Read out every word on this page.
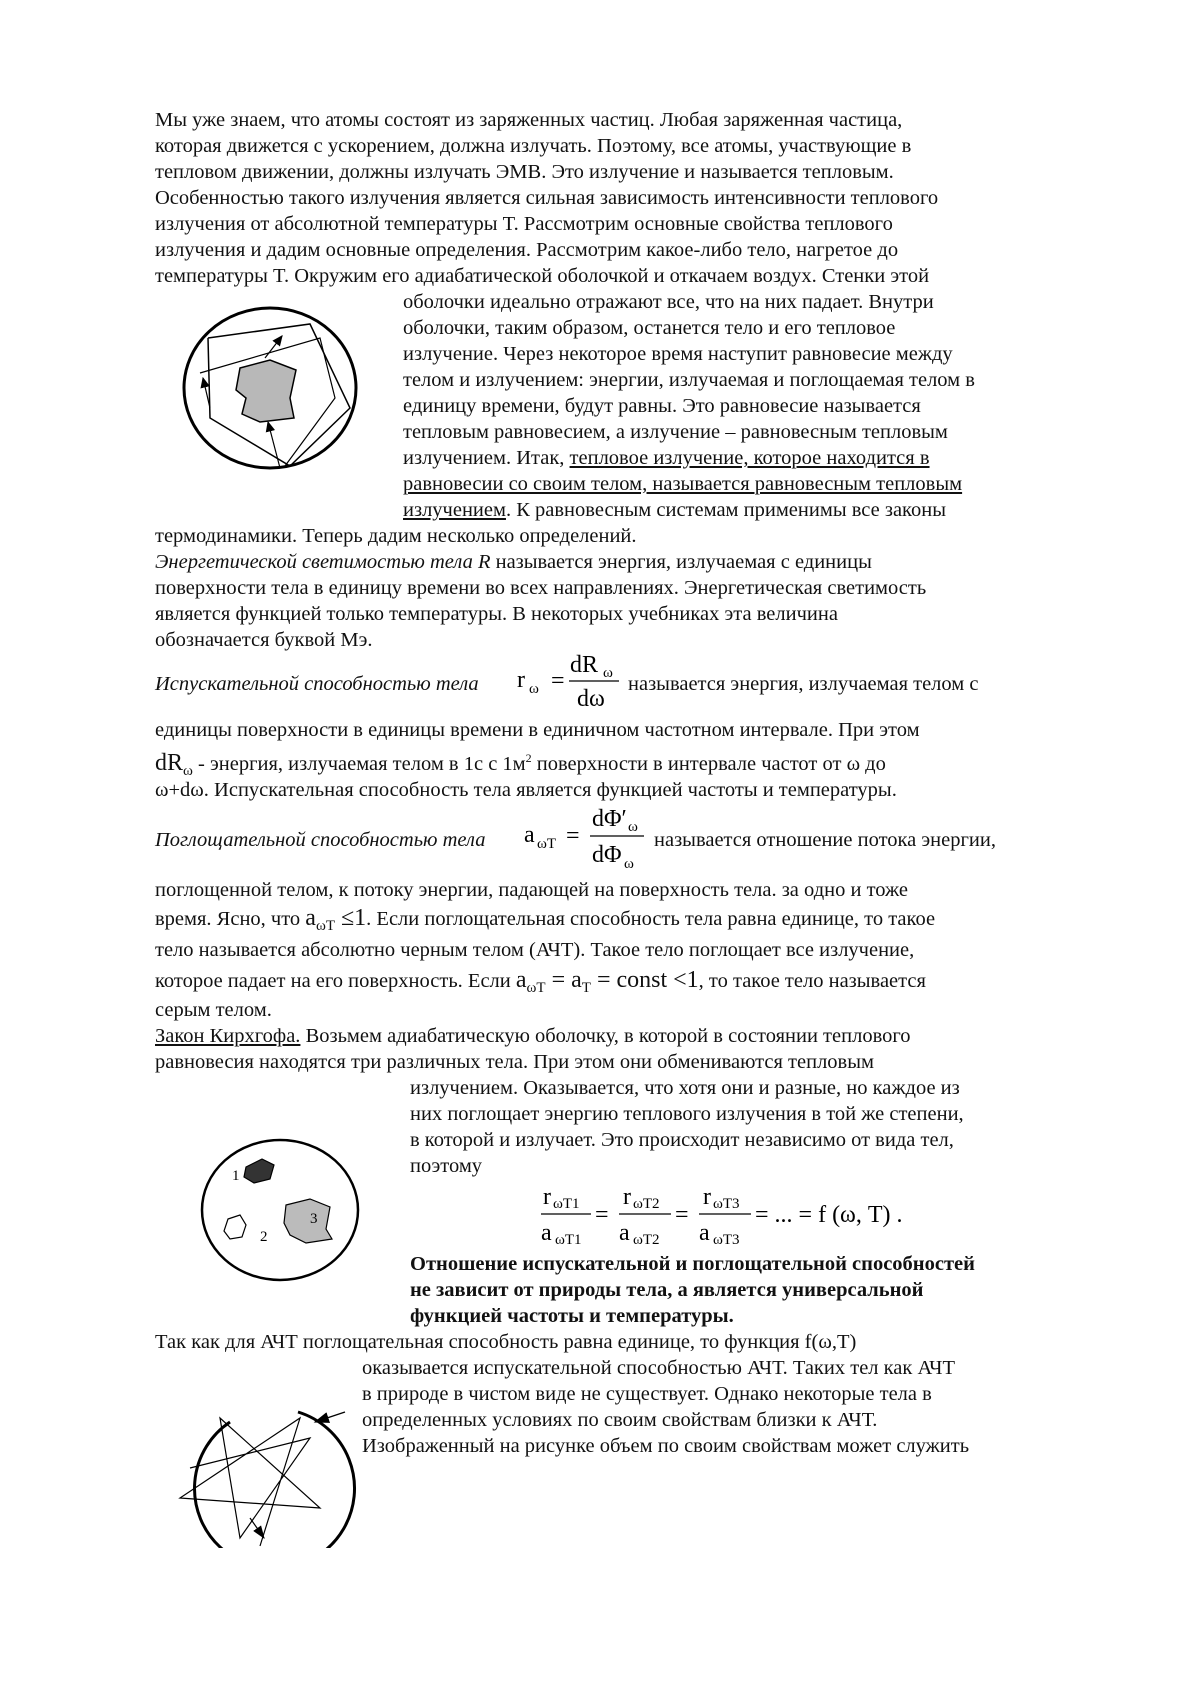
Мы уже знаем, что атомы состоят из заряженных частиц. Любая заряженная частица,
которая движется с ускорением, должна излучать. Поэтому, все атомы, участвующие в
тепловом движении, должны излучать ЭМВ. Это излучение и называется тепловым.
Особенностью такого излучения является сильная зависимость интенсивности теплового
излучения от абсолютной температуры T. Рассмотрим основные свойства теплового
излучения и дадим основные определения. Рассмотрим какое-либо тело, нагретое до
температуры T. Окружим его адиабатической оболочкой и откачаем воздух. Стенки этой
оболочки идеально отражают все, что на них падает. Внутри
оболочки, таким образом, останется тело и его тепловое
излучение. Через некоторое время наступит равновесие между
телом и излучением: энергии, излучаемая и поглощаемая телом в
единицу времени, будут равны. Это равновесие называется
тепловым равновесием, а излучение – равновесным тепловым
излучением. Итак, тепловое излучение, которое находится в
равновесии со своим телом, называется равновесным тепловым
излучением. К равновесным системам применимы все законы
термодинамики. Теперь дадим несколько определений.
Энергетической светимостью тела R называется энергия, излучаемая с единицы
поверхности тела в единицу времени во всех направлениях. Энергетическая светимость
является функцией только температуры. В некоторых учебниках эта величина
обозначается буквой Mэ.
Испускательной способностью тела r ω =
dR ω
dω
называется энергия, излучаемая телом с
единицы поверхности в единицы времени в единичном частотном интервале. При этом
$dR_\omega$ - энергия, излучаемая телом в 1с с $1м^2$ поверхности в интервале частот от ω до
ω+dω. Испускательная способность тела является функцией частоты и температуры.
Поглощательной способностью тела a ωT =
dΦ′ ω
dΦ ω
называется отношение потока энергии,
поглощенной телом, к потоку энергии, падающей на поверхность тела. за одно и тоже
время. Ясно, что $a_{\omega T} \le 1$. Если поглощательная способность тела равна единице, то такое
тело называется абсолютно черным телом (АЧТ). Такое тело поглощает все излучение,
которое падает на его поверхность. Если $a_{\omega T} = a_T$ = const <1, то такое тело называется
серым телом.
Закон Кирхгофа. Возьмем адиабатическую оболочку, в которой в состоянии теплового
равновесия находятся три различных тела. При этом они обмениваются тепловым
излучением. Оказывается, что хотя они и разные, но каждое из
них поглощает энергию теплового излучения в той же степени,
в которой и излучает. Это происходит независимо от вида тел,
поэтому
1
2
3
r ωT1
a ωT1
=
r ωT2
a ωT2
=
r ωT3
a ωT3
= ... = f (ω, T) .
Отношение испускательной и поглощательной способностей
не зависит от природы тела, а является универсальной
функцией частоты и температуры.
Так как для АЧТ поглощательная способность равна единице, то функция f(ω,T)
оказывается испускательной способностью АЧТ. Таких тел как АЧТ
в природе в чистом виде не существует. Однако некоторые тела в
определенных условиях по своим свойствам близки к АЧТ.
Изображенный на рисунке объем по своим свойствам может служить
